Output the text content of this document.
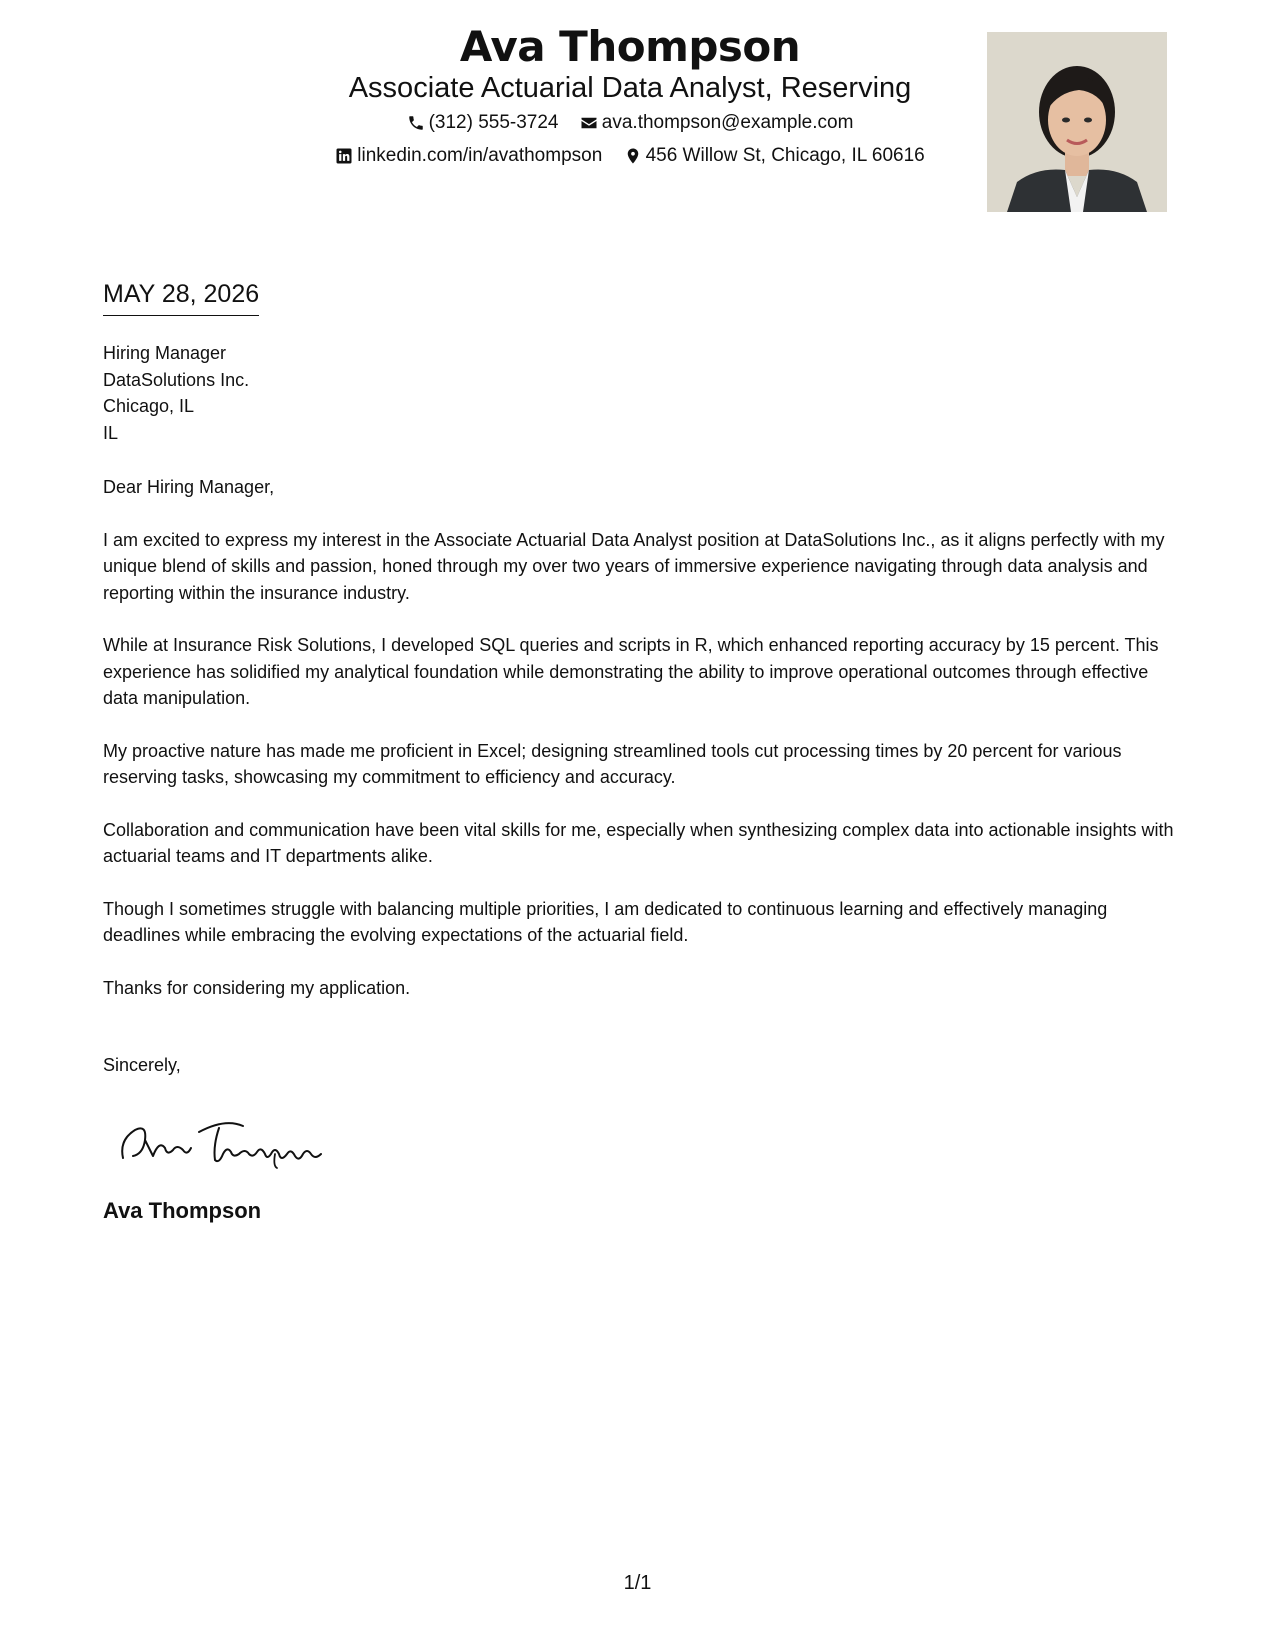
Ava Thompson
Associate Actuarial Data Analyst, Reserving
(312) 555-3724
ava.thompson@example.com
linkedin.com/in/avathompson
456 Willow St, Chicago, IL 60616
MAY 28, 2026
Hiring Manager
DataSolutions Inc.
Chicago, IL
IL

Dear Hiring Manager,

I am excited to express my interest in the Associate Actuarial Data Analyst position at DataSolutions Inc., as it aligns perfectly with my unique blend of skills and passion, honed through my over two years of immersive experience navigating through data analysis and reporting within the insurance industry.

While at Insurance Risk Solutions, I developed SQL queries and scripts in R, which enhanced reporting accuracy by 15 percent. This experience has solidified my analytical foundation while demonstrating the ability to improve operational outcomes through effective data manipulation.

My proactive nature has made me proficient in Excel; designing streamlined tools cut processing times by 20 percent for various reserving tasks, showcasing my commitment to efficiency and accuracy.

Collaboration and communication have been vital skills for me, especially when synthesizing complex data into actionable insights with actuarial teams and IT departments alike.

Though I sometimes struggle with balancing multiple priorities, I am dedicated to continuous learning and effectively managing deadlines while embracing the evolving expectations of the actuarial field.

Thanks for considering my application.

Sincerely,
Ava Thompson
1/1
